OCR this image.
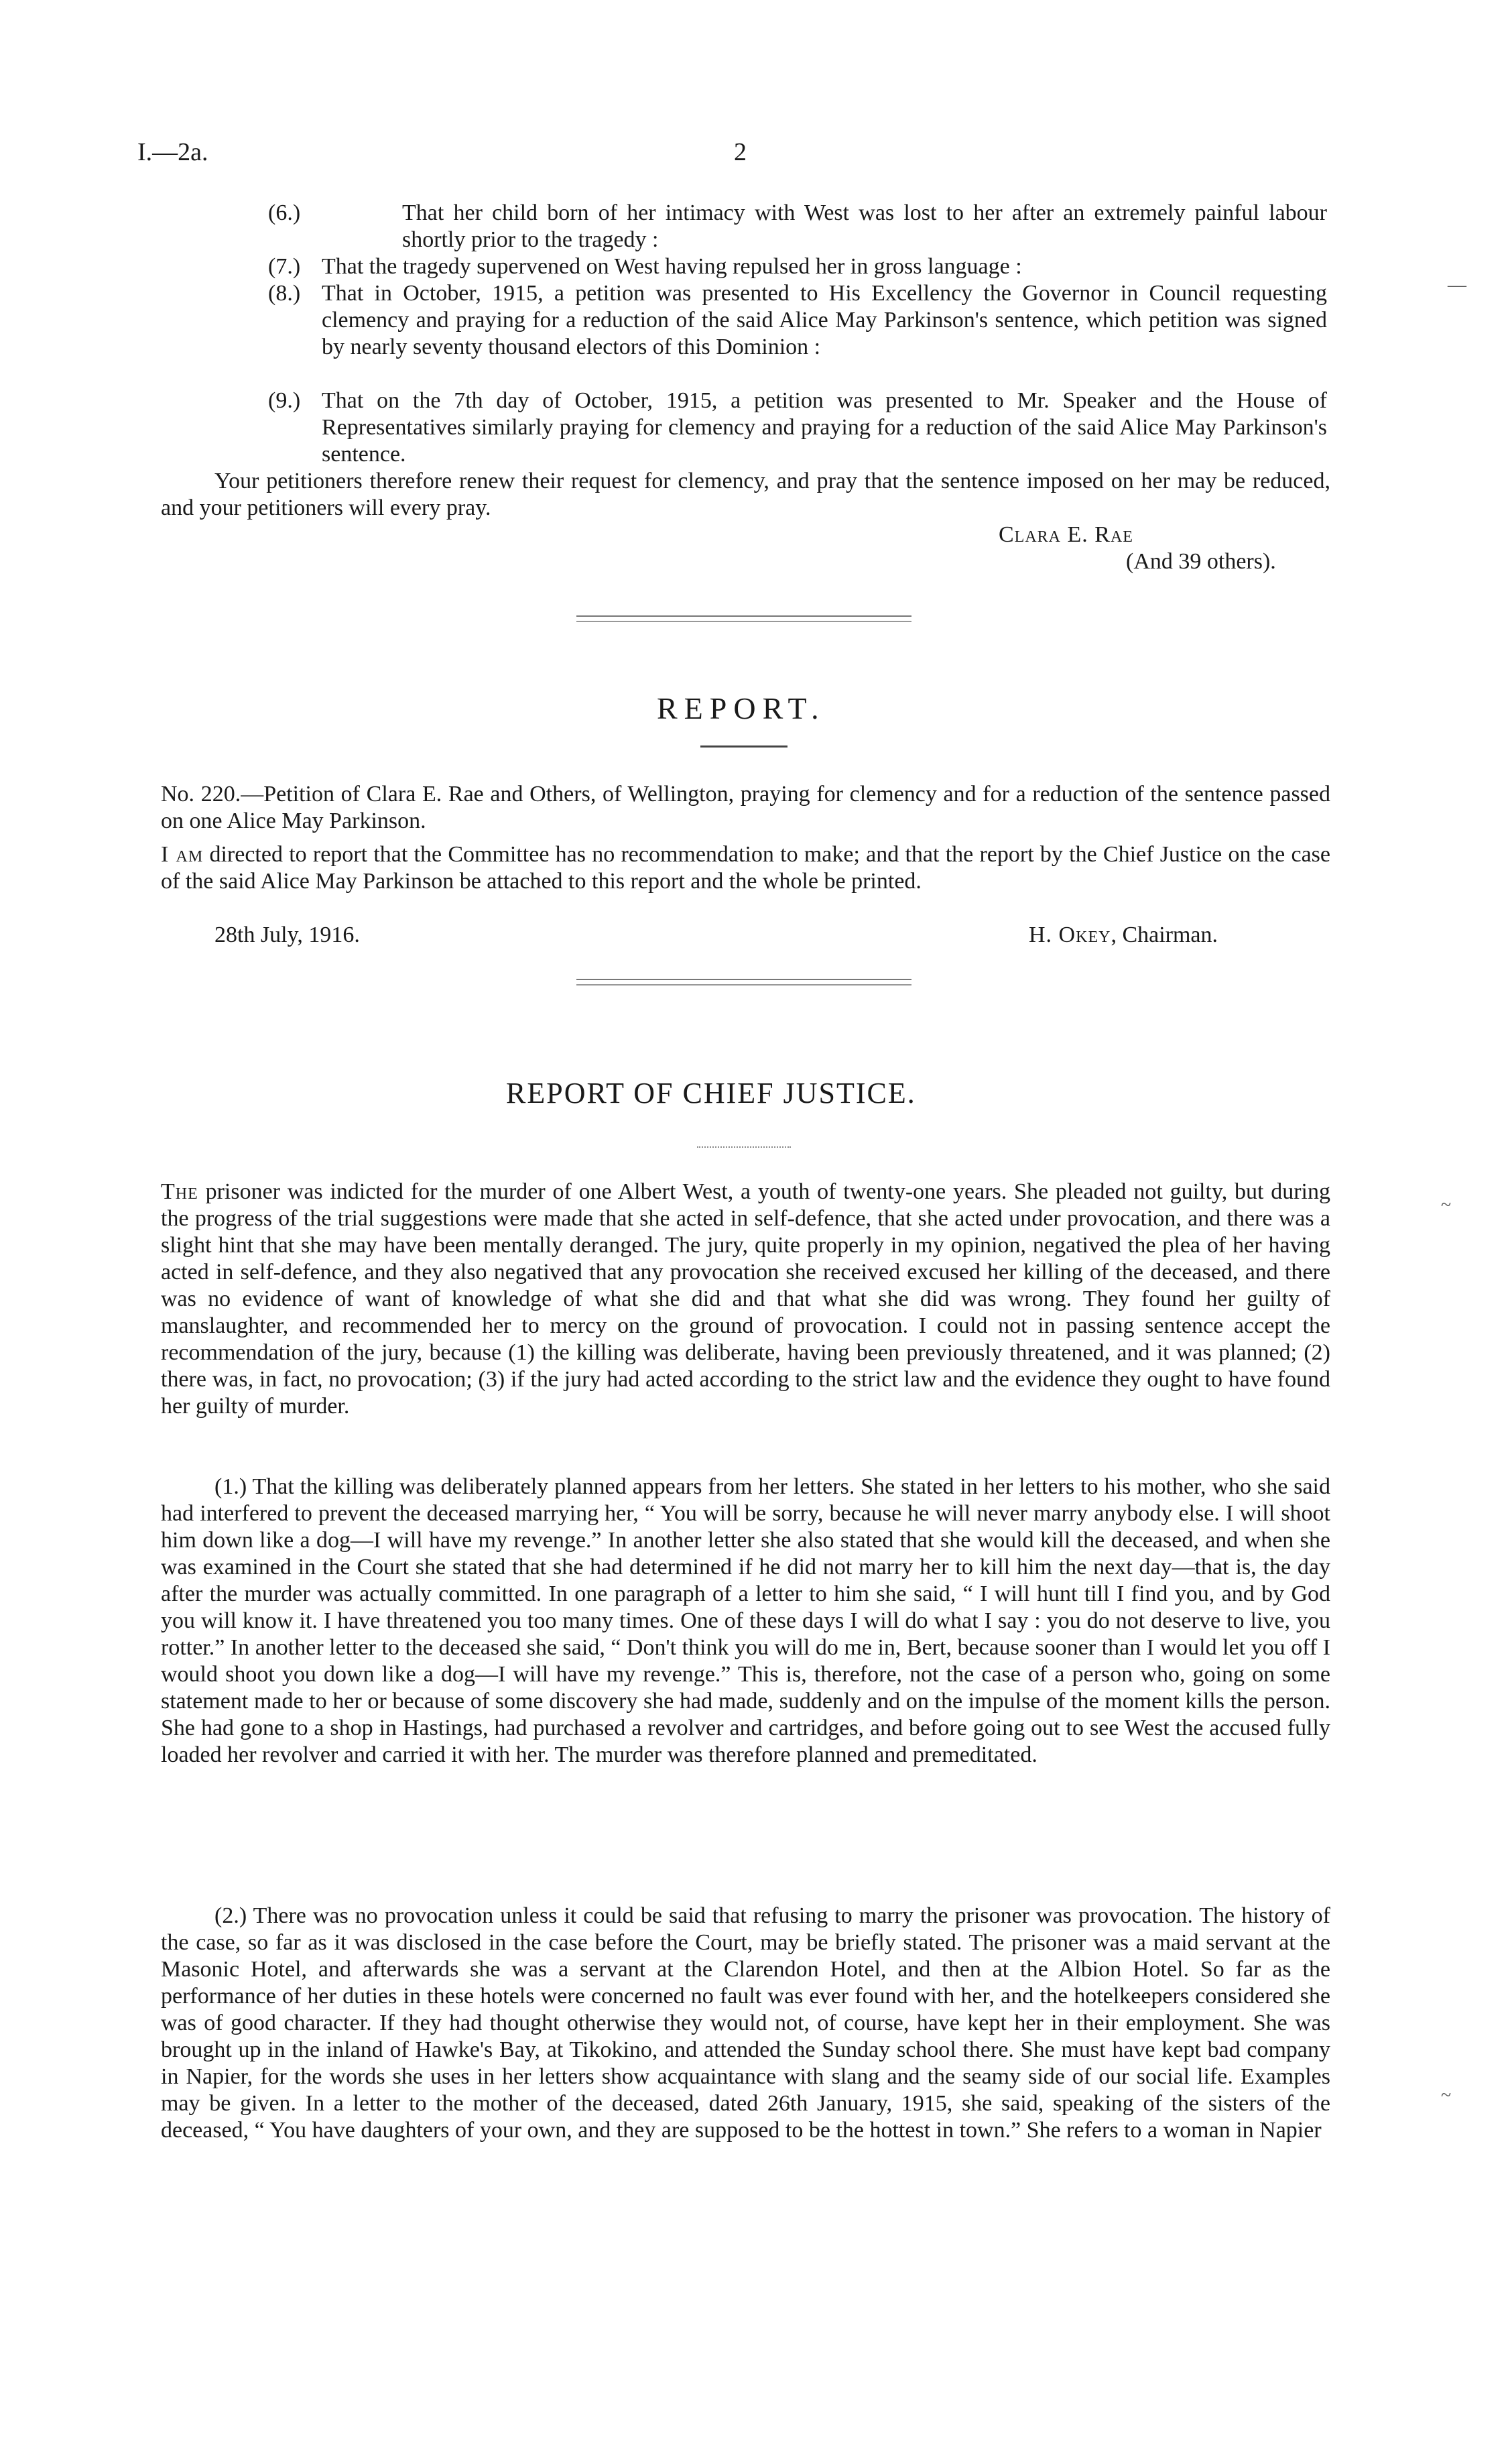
I.—2a.	2
(6.)	That her child born of her intimacy with West was lost to her after an extremely painful labour shortly prior to the tragedy :
(7.) That the tragedy supervened on West having repulsed her in gross language :
(8.) That in October, 1915, a petition was presented to His Excellency the Governor in Council requesting clemency and praying for a reduction of the said Alice May Parkinson's sentence, which petition was signed by nearly seventy thousand electors of this Dominion :
(9.) That on the 7th day of October, 1915, a petition was presented to Mr. Speaker and the House of Representatives similarly praying for clemency and praying for a reduction of the said Alice May Parkinson's sentence.
Your petitioners therefore renew their request for clemency, and pray that the sentence imposed on her may be reduced, and your petitioners will every pray.
Clara E. Rae
(And 39 others).
REPORT.
No. 220.—Petition of Clara E. Rae and Others, of Wellington, praying for clemency and for a reduction of the sentence passed on one Alice May Parkinson.
I am directed to report that the Committee has no recommendation to make; and that the report by the Chief Justice on the case of the said Alice May Parkinson be attached to this report and the whole be printed.
28th July, 1916.	H. Okey, Chairman.
REPORT OF CHIEF JUSTICE.
The prisoner was indicted for the murder of one Albert West, a youth of twenty-one years. She pleaded not guilty, but during the progress of the trial suggestions were made that she acted in self-defence, that she acted under provocation, and there was a slight hint that she may have been mentally deranged. The jury, quite properly in my opinion, negatived the plea of her having acted in self-defence, and they also negatived that any provocation she received excused her killing of the deceased, and there was no evidence of want of knowledge of what she did and that what she did was wrong. They found her guilty of manslaughter, and recommended her to mercy on the ground of provocation. I could not in passing sentence accept the recommendation of the jury, because (1) the killing was deliberate, having been previously threatened, and it was planned; (2) there was, in fact, no provocation; (3) if the jury had acted according to the strict law and the evidence they ought to have found her guilty of murder.
(1.) That the killing was deliberately planned appears from her letters. She stated in her letters to his mother, who she said had interfered to prevent the deceased marrying her, “ You will be sorry, because he will never marry anybody else. I will shoot him down like a dog—I will have my revenge.” In another letter she also stated that she would kill the deceased, and when she was examined in the Court she stated that she had determined if he did not marry her to kill him the next day—that is, the day after the murder was actually committed. In one paragraph of a letter to him she said, “ I will hunt till I find you, and by God you will know it. I have threatened you too many times. One of these days I will do what I say : you do not deserve to live, you rotter.” In another letter to the deceased she said, “ Don't think you will do me in, Bert, because sooner than I would let you off I would shoot you down like a dog—I will have my revenge.” This is, therefore, not the case of a person who, going on some statement made to her or because of some discovery she had made, suddenly and on the impulse of the moment kills the person. She had gone to a shop in Hastings, had purchased a revolver and cartridges, and before going out to see West the accused fully loaded her revolver and carried it with her. The murder was therefore planned and premeditated.
(2.) There was no provocation unless it could be said that refusing to marry the prisoner was provocation. The history of the case, so far as it was disclosed in the case before the Court, may be briefly stated. The prisoner was a maid servant at the Masonic Hotel, and afterwards she was a servant at the Clarendon Hotel, and then at the Albion Hotel. So far as the performance of her duties in these hotels were concerned no fault was ever found with her, and the hotelkeepers considered she was of good character. If they had thought otherwise they would not, of course, have kept her in their employment. She was brought up in the inland of Hawke's Bay, at Tikokino, and attended the Sunday school there. She must have kept bad company in Napier, for the words she uses in her letters show acquaintance with slang and the seamy side of our social life. Examples may be given. In a letter to the mother of the deceased, dated 26th January, 1915, she said, speaking of the sisters of the deceased, “ You have daughters of your own, and they are supposed to be the hottest in town.” She refers to a woman in Napier
—
~
~
